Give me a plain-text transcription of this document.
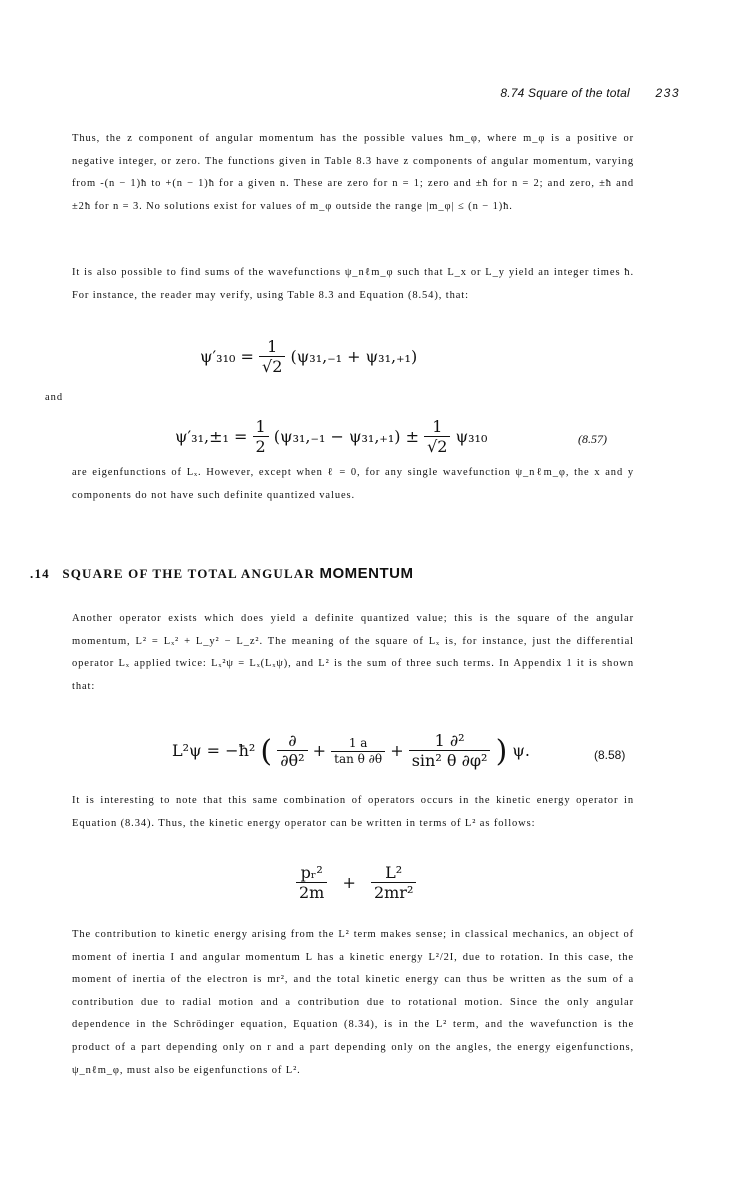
8.74 Square of the total 233

Thus, the z component of angular momentum has the possible values ħm_φ, where m_φ is a positive or negative integer, or zero. The functions given in Table 8.3 have z components of angular momentum, varying from -(n − 1)ħ to +(n − 1)ħ for a given n. These are zero for n = 1; zero and ±ħ for n = 2; and zero, ±ħ and ±2ħ for n = 3. No solutions exist for values of m_φ outside the range |m_φ| ≤ (n − 1)ħ.

It is also possible to find sums of the wavefunctions ψ_nℓm_φ such that L_x or L_y yield an integer times ħ. For instance, the reader may verify, using Table 8.3 and Equation (8.54), that:

$\psi'_{310} = \frac{1}{√2} (\psi_{31},_{-1} + \psi_{31},_{+1})$
and
$\psi'_{31},\pm_1 = \frac{1}{2} (\psi_{31},_{-1} - \psi_{31},_{+1}) \pm \frac{1}{√2} \psi_{310}$	(8.57)

are eigenfunctions of Lₓ. However, except when ℓ = 0, for any single wavefunction ψ_nℓm_φ, the x and y components do not have such definite quantized values.

.14 SQUARE OF THE TOTAL ANGULAR MOMENTUM

Another operator exists which does yield a definite quantized value; this is the square of the angular momentum, L² = Lₓ² + L_y² − L_z². The meaning of the square of Lₓ is, for instance, just the differential operator Lₓ applied twice: Lₓ²ψ = Lₓ(Lₓψ), and L² is the sum of three such terms. In Appendix 1 it is shown that:

L²ψ = −ħ² ( $\frac{\partial}{\text{∂θ²}} + \frac{1 a}{\text{tan θ ∂θ}} + \frac{\text{1 ∂²}}{\text{sin² θ ∂φ²}}$ ) ψ.	(8.58)

It is interesting to note that this same combination of operators occurs in the kinetic energy operator in Equation (8.34). Thus, the kinetic energy operator can be written in terms of L² as follows:

$\frac{\text{pᵣ²}}{2m} + \frac{\text{L²}}{\text{2mr²}}$

The contribution to kinetic energy arising from the L² term makes sense; in classical mechanics, an object of moment of inertia I and angular momentum L has a kinetic energy L²/2I, due to rotation. In this case, the moment of inertia of the electron is mr², and the total kinetic energy can thus be written as the sum of a contribution due to radial motion and a contribution due to rotational motion. Since the only angular dependence in the Schrödinger equation, Equation (8.34), is in the L² term, and the wavefunction is the product of a part depending only on r and a part depending only on the angles, the energy eigenfunctions, ψ_nℓm_φ, must also be eigenfunctions of L².
